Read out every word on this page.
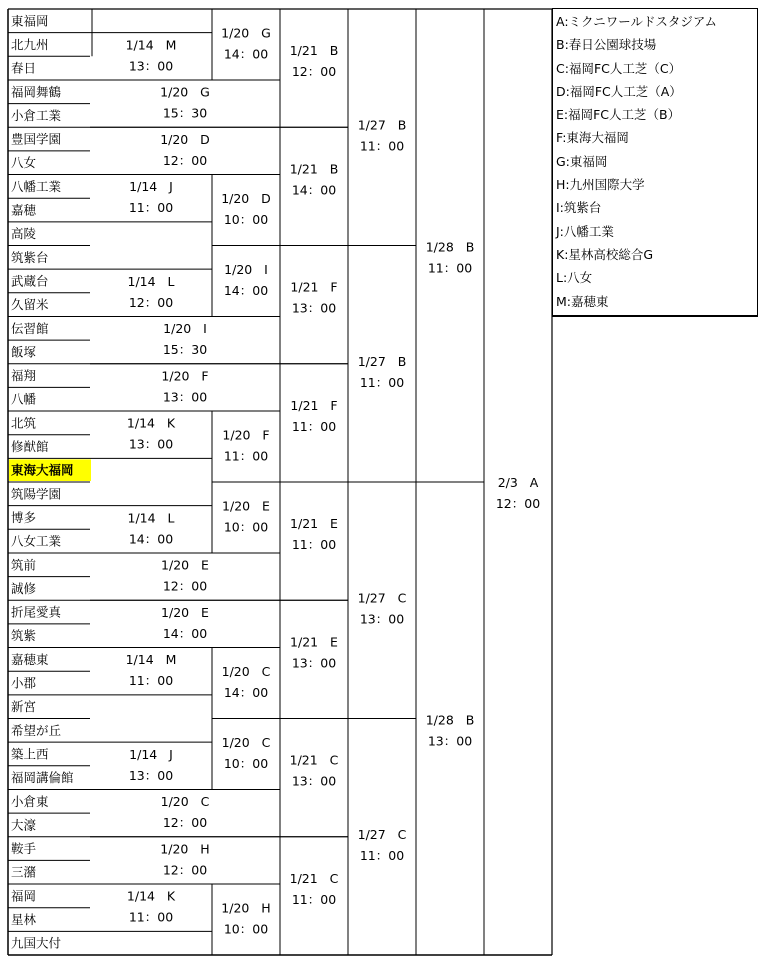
東福岡
北九州
春日
福岡舞鶴
小倉工業
豊国学園
八女
八幡工業
嘉穂
高陵
筑紫台
武蔵台
久留米
伝習館
飯塚
福翔
八幡
北筑
修猷館
東海大福岡
筑陽学園
博多
八女工業
筑前
誠修
折尾愛真
筑紫
嘉穂東
小郡
新宮
希望が丘
築上西
福岡講倫館
小倉東
大濠
鞍手
三潴
福岡
星林
九国大付
1/14   M
13：00
1/14   J
11：00
1/14   L
12：00
1/14   K
13：00
1/14   L
14：00
1/14   M
11：00
1/14   J
13：00
1/14   K
11：00
1/20   G
15：30
1/20   D
12：00
1/20   I
15：30
1/20   F
13：00
1/20   E
12：00
1/20   E
14：00
1/20   C
12：00
1/20   H
12：00
1/20   G
14：00
1/20   D
10：00
1/20   I
14：00
1/20   F
11：00
1/20   E
10：00
1/20   C
14：00
1/20   C
10：00
1/20   H
10：00
1/21   B
12：00
1/21   B
14：00
1/21   F
13：00
1/21   F
11：00
1/21   E
11：00
1/21   E
13：00
1/21   C
13：00
1/21   C
11：00
1/27   B
11：00
1/27   B
11：00
1/27   C
13：00
1/27   C
11：00
1/28   B
11：00
1/28   B
13：00
2/3   A
12：00
A:ミクニワールドスタジアム
B:春日公園球技場
C:福岡FC人工芝（C）
D:福岡FC人工芝（A）
E:福岡FC人工芝（B）
F:東海大福岡
G:東福岡
H:九州国際大学
I:筑紫台
J:八幡工業
K:星林高校総合G
L:八女
M:嘉穂東
